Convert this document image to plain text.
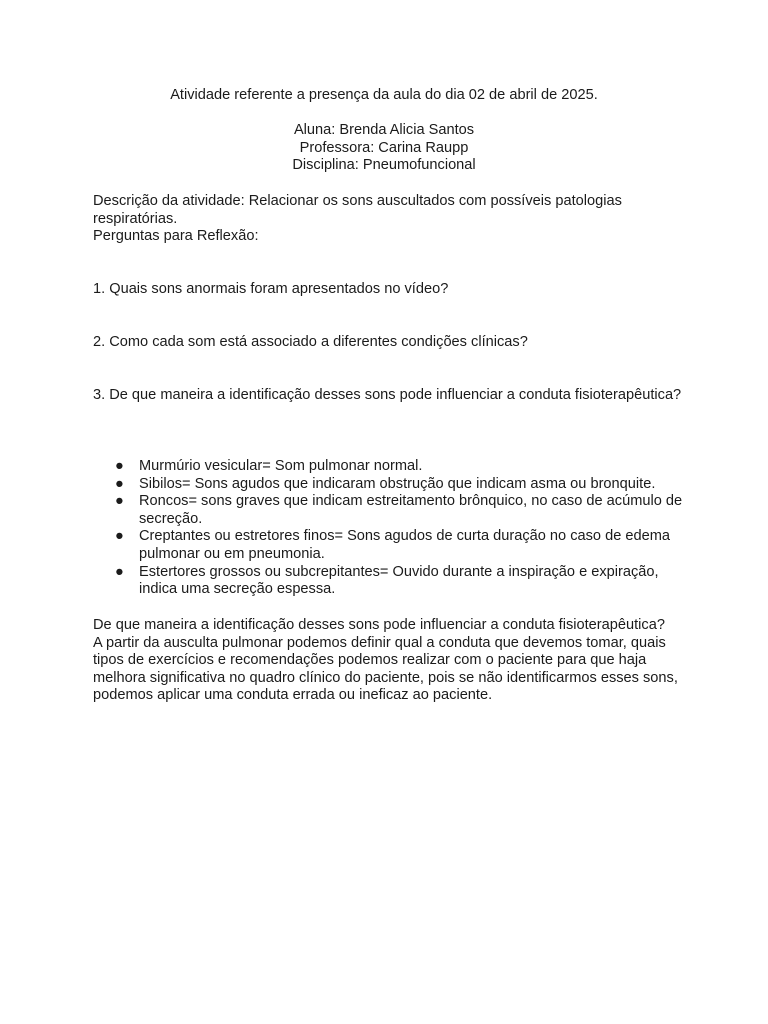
Atividade referente a presença da aula do dia 02 de abril de 2025.
Aluna: Brenda Alicia Santos
Professora: Carina Raupp
Disciplina: Pneumofuncional
Descrição da atividade: Relacionar os sons auscultados com possíveis patologias
respiratórias.
Perguntas para Reflexão:
1. Quais sons anormais foram apresentados no vídeo?
2. Como cada som está associado a diferentes condições clínicas?
3. De que maneira a identificação desses sons pode influenciar a conduta fisioterapêutica?
● Murmúrio vesicular= Som pulmonar normal.
● Sibilos= Sons agudos que indicaram obstrução que indicam asma ou bronquite.
● Roncos= sons graves que indicam estreitamento brônquico, no caso de acúmulo de
secreção.
● Creptantes ou estretores finos= Sons agudos de curta duração no caso de edema
pulmonar ou em pneumonia.
● Estertores grossos ou subcrepitantes= Ouvido durante a inspiração e expiração,
indica uma secreção espessa.
De que maneira a identificação desses sons pode influenciar a conduta fisioterapêutica?
A partir da ausculta pulmonar podemos definir qual a conduta que devemos tomar, quais
tipos de exercícios e recomendações podemos realizar com o paciente para que haja
melhora significativa no quadro clínico do paciente, pois se não identificarmos esses sons,
podemos aplicar uma conduta errada ou ineficaz ao paciente.
